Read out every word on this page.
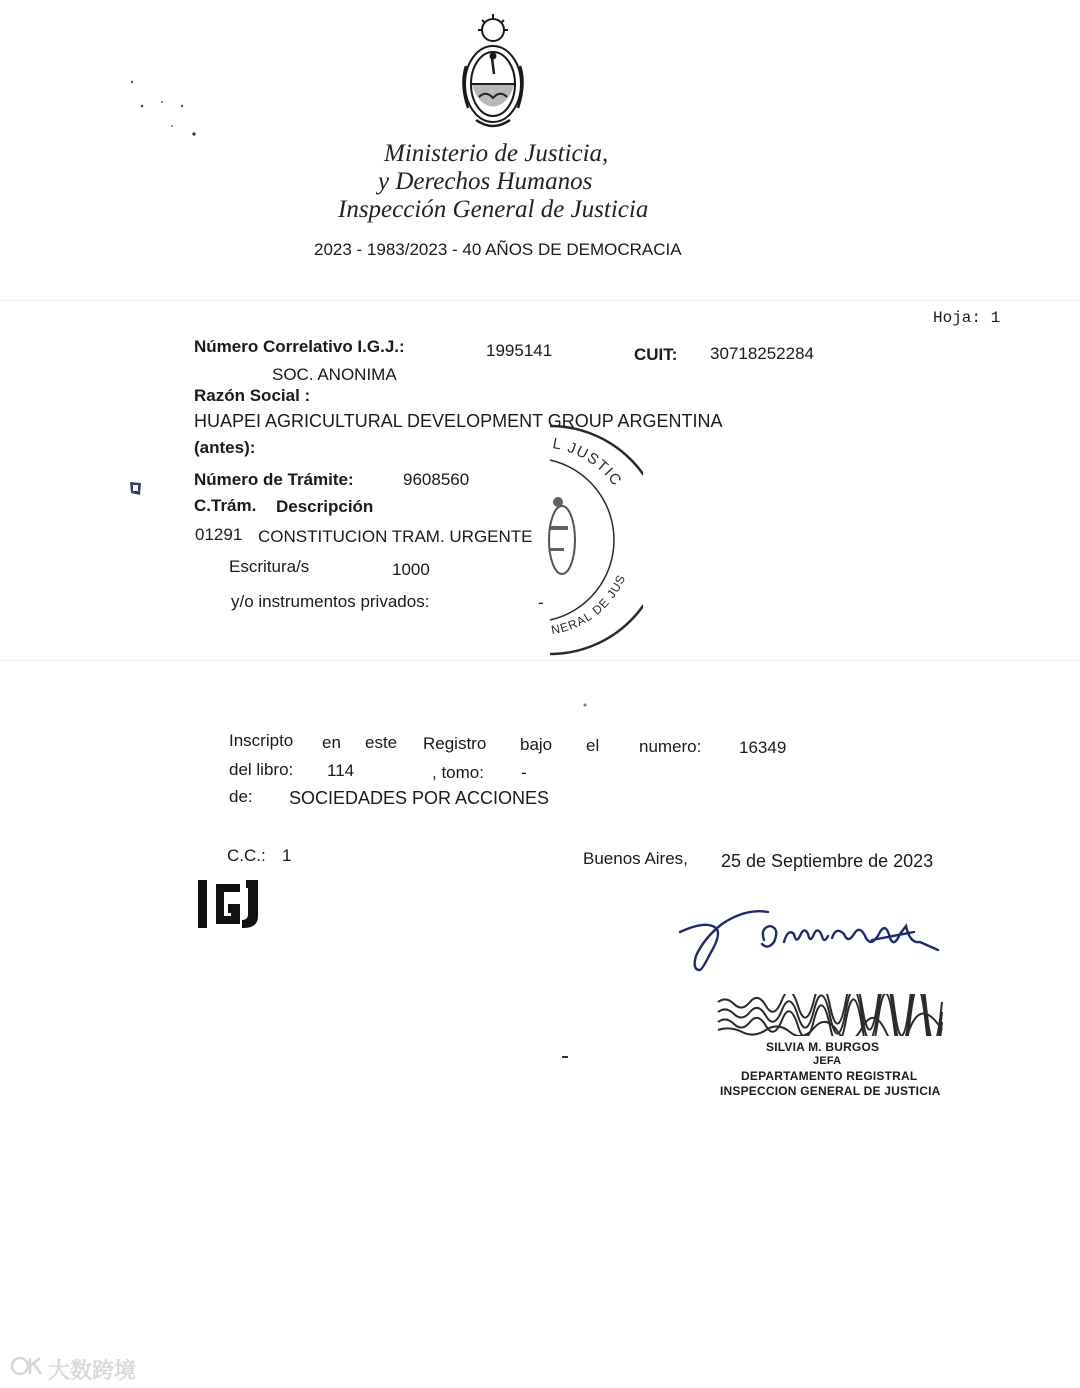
Ministerio de Justicia,
y Derechos Humanos
Inspección General de Justicia
2023 - 1983/2023 - 40 AÑOS DE DEMOCRACIA
Hoja: 1
Número Correlativo I.G.J.:	1995141	CUIT: 30718252284
SOC. ANONIMA
Razón Social :
HUAPEI AGRICULTURAL DEVELOPMENT GROUP ARGENTINA
(antes):
Número de Trámite:	9608560
C.Trám. Descripción
01291 CONSTITUCION TRAM. URGENTE
Escritura/s	1000
y/o instrumentos privados:	-
L JUSTIC
NERAL DE JUS
Inscripto en este Registro bajo el numero: 16349
del libro: 114	, tomo: -
de: SOCIEDADES POR ACCIONES
C.C.: 1	Buenos Aires, 25 de Septiembre de 2023
SILVIA M. BURGOS
JEFA
DEPARTAMENTO REGISTRAL
INSPECCION GENERAL DE JUSTICIA
大数跨境
